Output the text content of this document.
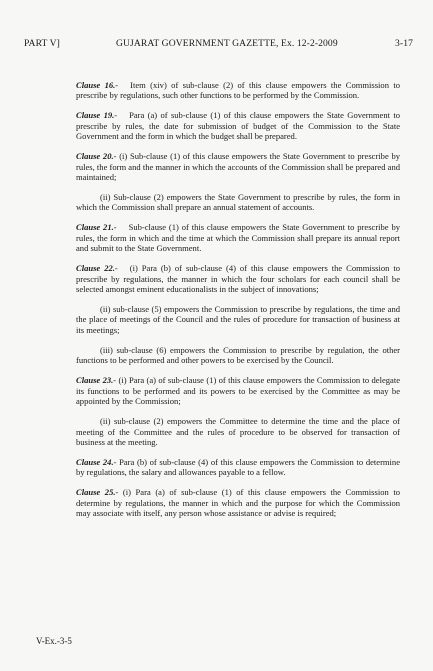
PART V]	GUJARAT GOVERNMENT GAZETTE, Ex. 12-2-2009	3-17

Clause 16.- Item (xiv) of sub-clause (2) of this clause empowers the Commission to prescribe by regulations, such other functions to be performed by the Commission.

Clause 19.- Para (a) of sub-clause (1) of this clause empowers the State Government to prescribe by rules, the date for submission of budget of the Commission to the State Government and the form in which the budget shall be prepared.

Clause 20.- (i) Sub-clause (1) of this clause empowers the State Government to prescribe by rules, the form and the manner in which the accounts of the Commission shall be prepared and maintained;

(ii) Sub-clause (2) empowers the State Government to prescribe by rules, the form in which the Commission shall prepare an annual statement of accounts.

Clause 21.- Sub-clause (1) of this clause empowers the State Government to prescribe by rules, the form in which and the time at which the Commission shall prepare its annual report and submit to the State Government.

Clause 22.- (i) Para (b) of sub-clause (4) of this clause empowers the Commission to prescribe by regulations, the manner in which the four scholars for each council shall be selected amongst eminent educationalists in the subject of innovations;

(ii) sub-clause (5) empowers the Commission to prescribe by regulations, the time and the place of meetings of the Council and the rules of procedure for transaction of business at its meetings;

(iii) sub-clause (6) empowers the Commission to prescribe by regulation, the other functions to be performed and other powers to be exercised by the Council.

Clause 23.- (i) Para (a) of sub-clause (1) of this clause empowers the Commission to delegate its functions to be performed and its powers to be exercised by the Committee as may be appointed by the Commission;

(ii) sub-clause (2) empowers the Committee to determine the time and the place of meeting of the Committee and the rules of procedure to be observed for transaction of business at the meeting.

Clause 24.- Para (b) of sub-clause (4) of this clause empowers the Commission to determine by regulations, the salary and allowances payable to a fellow.

Clause 25.- (i) Para (a) of sub-clause (1) of this clause empowers the Commission to determine by regulations, the manner in which and the purpose for which the Commission may associate with itself, any person whose assistance or advise is required;

V-Ex.-3-5
